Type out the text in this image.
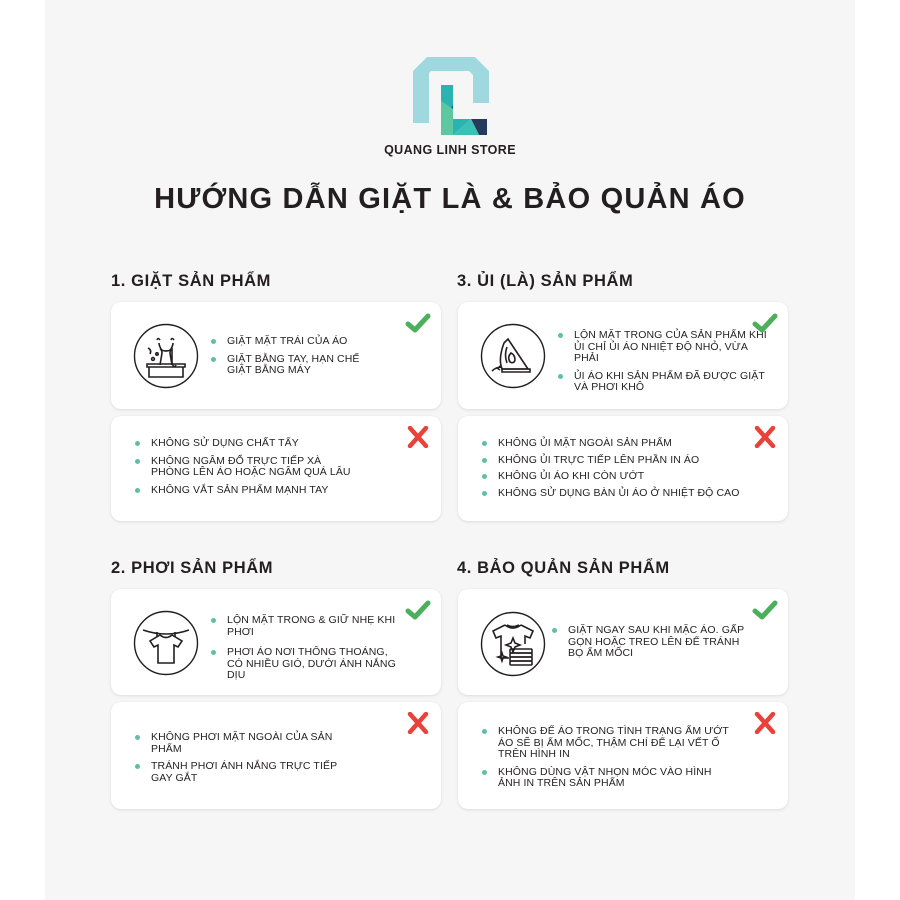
QUANG LINH STORE
HƯỚNG DẪN GIẶT LÀ & BẢO QUẢN ÁO
1. GIẶT SẢN PHẨM
GIẶT MẶT TRÁI CỦA ÁO
GIẶT BẰNG TAY, HẠN CHẾ GIẶT BẰNG MÁY
KHÔNG SỬ DỤNG CHẤT TẨY
KHÔNG NGÂM ĐỔ TRỰC TIẾP XÀ PHÒNG LÊN ÁO HOẶC NGÂM QUÁ LÂU
KHÔNG VẮT SẢN PHẨM MẠNH TAY
2. PHƠI SẢN PHẨM
LỘN MẶT TRONG & GIỮ NHẸ KHI PHƠI
PHƠI ÁO NƠI THÔNG THOÁNG, CÓ NHIỀU GIÓ, DƯỚI ÁNH NẮNG DỊU
KHÔNG PHƠI MẶT NGOÀI CỦA SẢN PHẨM
TRÁNH PHƠI ÁNH NẮNG TRỰC TIẾP GAY GẮT
3. ỦI (LÀ) SẢN PHẨM
LỘN MẶT TRONG CỦA SẢN PHẨM KHI ỦI CHỈ ỦI ÁO NHIỆT ĐỘ NHỎ, VỪA PHẢI
ỦI ÁO KHI SẢN PHẨM ĐÃ ĐƯỢC GIẶT VÀ PHƠI KHÔ
KHÔNG ỦI MẶT NGOÀI SẢN PHẨM
KHÔNG ỦI TRỰC TIẾP LÊN PHẦN IN ÁO
KHÔNG ỦI ÁO KHI CÒN ƯỚT
KHÔNG SỬ DỤNG BÀN ỦI ÁO Ở NHIỆT ĐỘ CAO
4. BẢO QUẢN SẢN PHẨM
GIẶT NGAY SAU KHI MẶC ÁO. GẤP GỌN HOẶC TREO LÊN ĐỂ TRÁNH BỌ ẨM MỐCI
KHÔNG ĐỂ ÁO TRONG TÌNH TRẠNG ẨM ƯỚT ÁO SẼ BỊ ẨM MỐC, THẬM CHÍ ĐỂ LẠI VẾT Ố TRÊN HÌNH IN
KHÔNG DÙNG VẬT NHỌN MÓC VÀO HÌNH ẢNH IN TRÊN SẢN PHẨM
